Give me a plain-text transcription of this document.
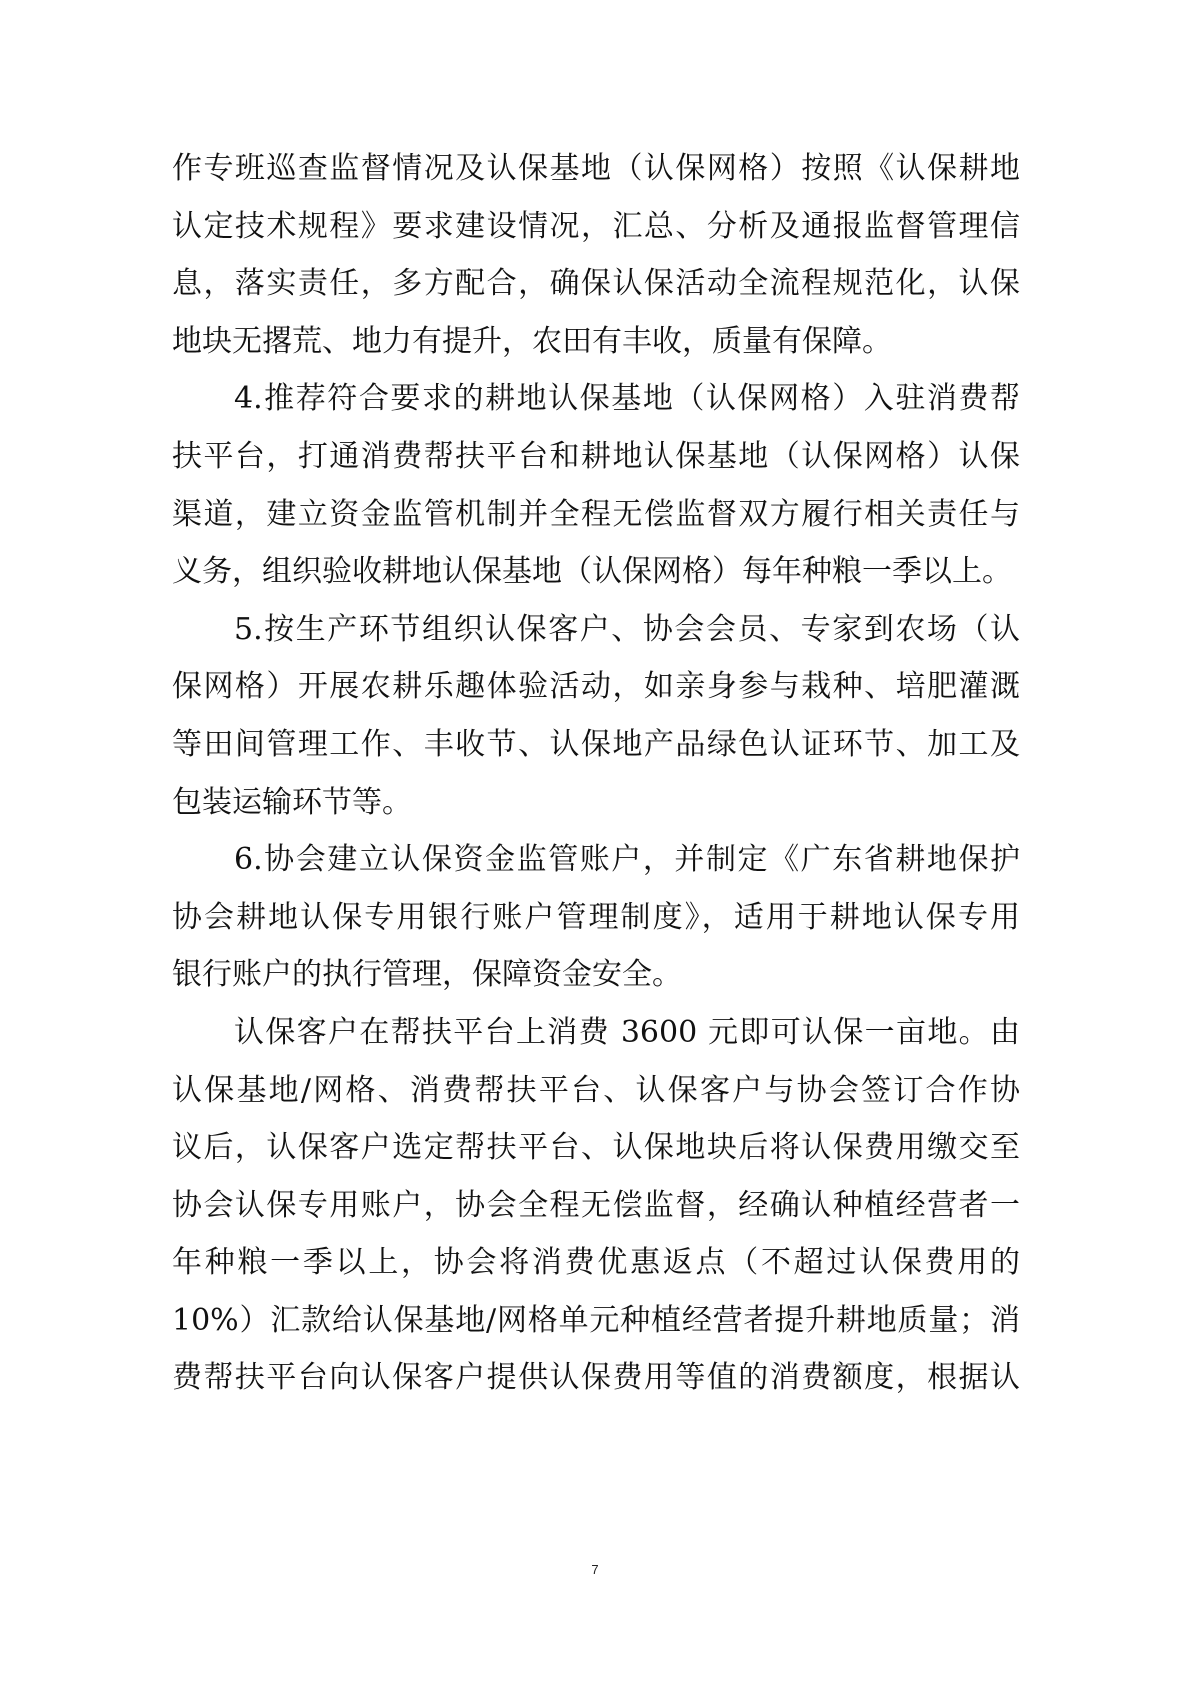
作专班巡查监督情况及认保基地（认保网格）按照《认保耕地
认定技术规程》要求建设情况，汇总、分析及通报监督管理信
息，落实责任，多方配合，确保认保活动全流程规范化，认保
地块无撂荒、地力有提升，农田有丰收，质量有保障。
4.推荐符合要求的耕地认保基地（认保网格）入驻消费帮
扶平台，打通消费帮扶平台和耕地认保基地（认保网格）认保
渠道，建立资金监管机制并全程无偿监督双方履行相关责任与
义务，组织验收耕地认保基地（认保网格）每年种粮一季以上。
5.按生产环节组织认保客户、协会会员、专家到农场（认
保网格）开展农耕乐趣体验活动，如亲身参与栽种、培肥灌溉
等田间管理工作、丰收节、认保地产品绿色认证环节、加工及
包装运输环节等。
6.协会建立认保资金监管账户，并制定《广东省耕地保护
协会耕地认保专用银行账户管理制度》，适用于耕地认保专用
银行账户的执行管理，保障资金安全。
认保客户在帮扶平台上消费 3600 元即可认保一亩地。由
认保基地/网格、消费帮扶平台、认保客户与协会签订合作协
议后，认保客户选定帮扶平台、认保地块后将认保费用缴交至
协会认保专用账户，协会全程无偿监督，经确认种植经营者一
年种粮一季以上，协会将消费优惠返点（不超过认保费用的
10%）汇款给认保基地/网格单元种植经营者提升耕地质量；消
费帮扶平台向认保客户提供认保费用等值的消费额度，根据认
7
